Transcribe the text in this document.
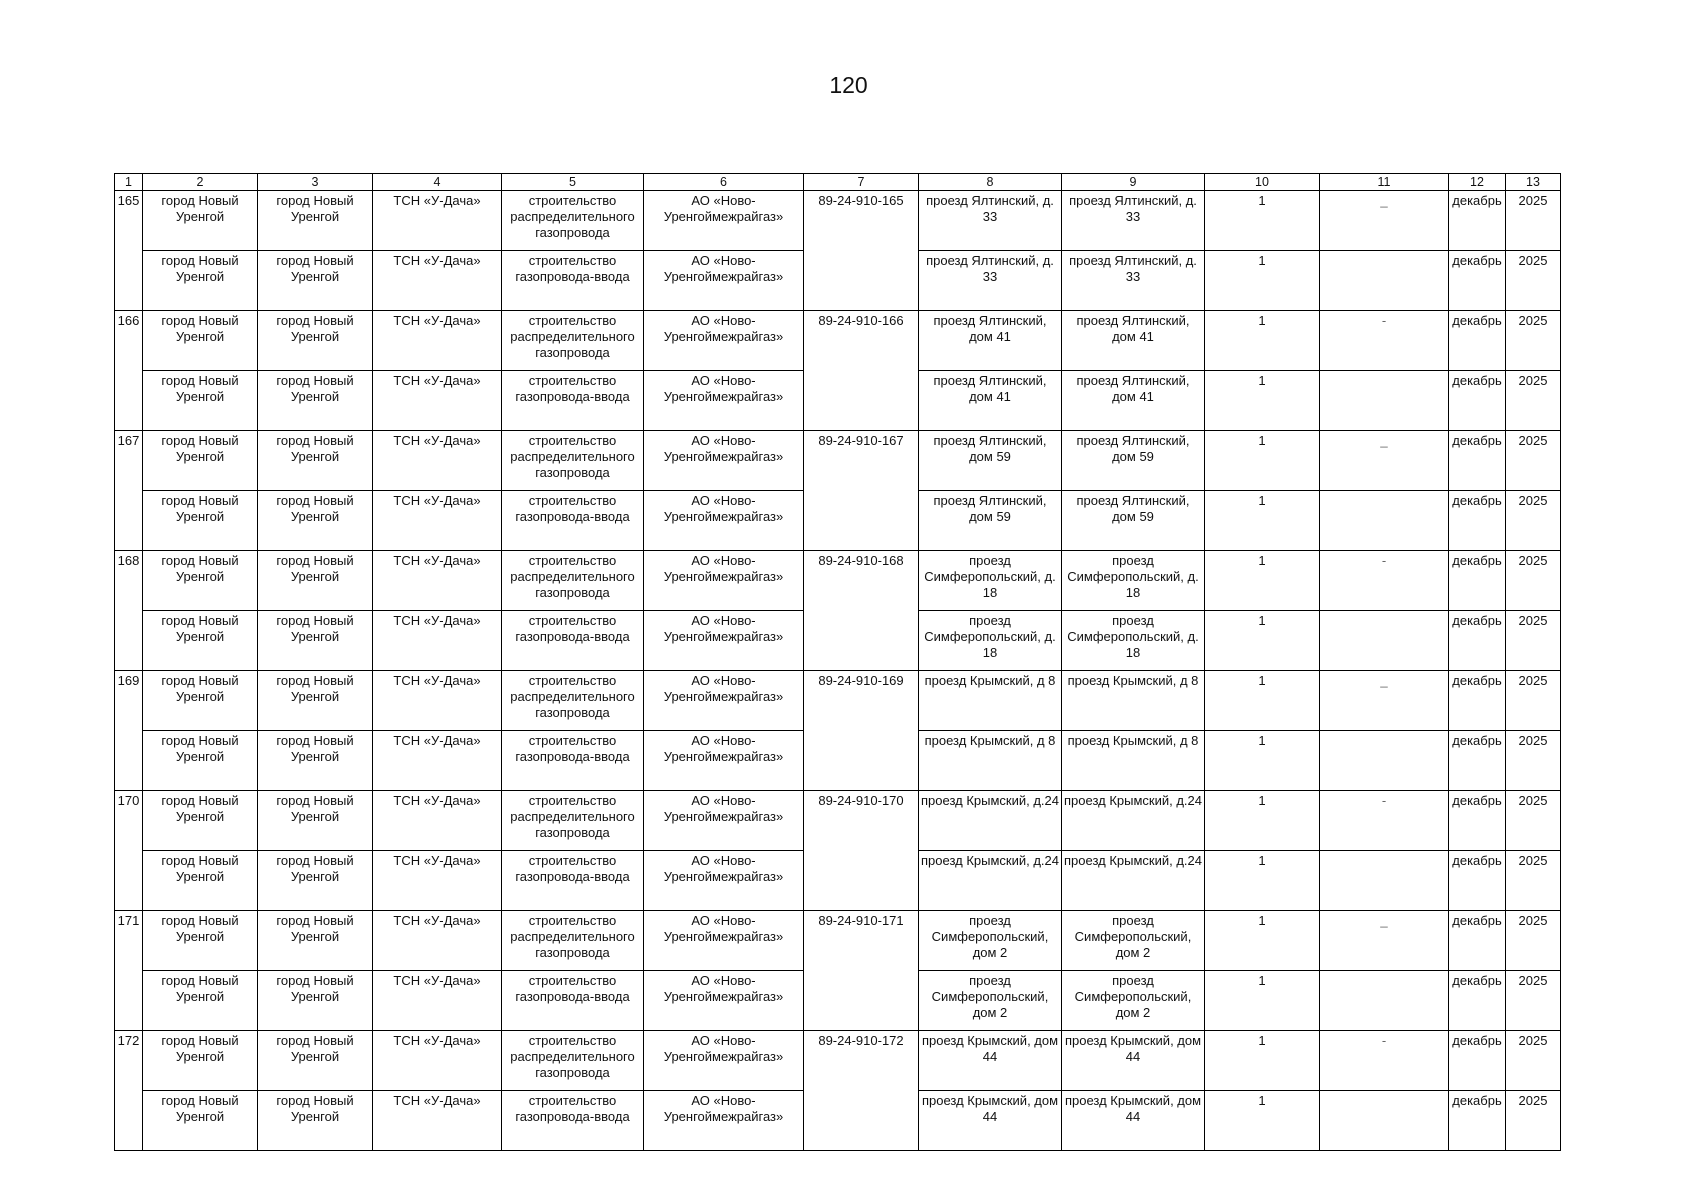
120
1	2	3	4	5	6	7	8	9	10	11	12	13
165	город Новый Уренгой	город Новый Уренгой	ТСН «У-Дача»	строительство распределительного газопровода	АО «Ново-Уренгоймежрайгаз»	89-24-910-165	проезд Ялтинский, д. 33	проезд Ялтинский, д. 33	1	_	декабрь	2025
	город Новый Уренгой	город Новый Уренгой	ТСН «У-Дача»	строительство газопровода-ввода	АО «Ново-Уренгоймежрайгаз»		проезд Ялтинский, д. 33	проезд Ялтинский, д. 33	1		декабрь	2025
166	город Новый Уренгой	город Новый Уренгой	ТСН «У-Дача»	строительство распределительного газопровода	АО «Ново-Уренгоймежрайгаз»	89-24-910-166	проезд Ялтинский, дом 41	проезд Ялтинский, дом 41	1	-	декабрь	2025
	город Новый Уренгой	город Новый Уренгой	ТСН «У-Дача»	строительство газопровода-ввода	АО «Ново-Уренгоймежрайгаз»		проезд Ялтинский, дом 41	проезд Ялтинский, дом 41	1		декабрь	2025
167	город Новый Уренгой	город Новый Уренгой	ТСН «У-Дача»	строительство распределительного газопровода	АО «Ново-Уренгоймежрайгаз»	89-24-910-167	проезд Ялтинский, дом 59	проезд Ялтинский, дом 59	1	_	декабрь	2025
	город Новый Уренгой	город Новый Уренгой	ТСН «У-Дача»	строительство газопровода-ввода	АО «Ново-Уренгоймежрайгаз»		проезд Ялтинский, дом 59	проезд Ялтинский, дом 59	1		декабрь	2025
168	город Новый Уренгой	город Новый Уренгой	ТСН «У-Дача»	строительство распределительного газопровода	АО «Ново-Уренгоймежрайгаз»	89-24-910-168	проезд Симферопольский, д. 18	проезд Симферопольский, д. 18	1	-	декабрь	2025
	город Новый Уренгой	город Новый Уренгой	ТСН «У-Дача»	строительство газопровода-ввода	АО «Ново-Уренгоймежрайгаз»		проезд Симферопольский, д. 18	проезд Симферопольский, д. 18	1		декабрь	2025
169	город Новый Уренгой	город Новый Уренгой	ТСН «У-Дача»	строительство распределительного газопровода	АО «Ново-Уренгоймежрайгаз»	89-24-910-169	проезд Крымский, д 8	проезд Крымский, д 8	1	_	декабрь	2025
	город Новый Уренгой	город Новый Уренгой	ТСН «У-Дача»	строительство газопровода-ввода	АО «Ново-Уренгоймежрайгаз»		проезд Крымский, д 8	проезд Крымский, д 8	1		декабрь	2025
170	город Новый Уренгой	город Новый Уренгой	ТСН «У-Дача»	строительство распределительного газопровода	АО «Ново-Уренгоймежрайгаз»	89-24-910-170	проезд Крымский, д.24	проезд Крымский, д.24	1	-	декабрь	2025
	город Новый Уренгой	город Новый Уренгой	ТСН «У-Дача»	строительство газопровода-ввода	АО «Ново-Уренгоймежрайгаз»		проезд Крымский, д.24	проезд Крымский, д.24	1		декабрь	2025
171	город Новый Уренгой	город Новый Уренгой	ТСН «У-Дача»	строительство распределительного газопровода	АО «Ново-Уренгоймежрайгаз»	89-24-910-171	проезд Симферопольский, дом 2	проезд Симферопольский, дом 2	1	_	декабрь	2025
	город Новый Уренгой	город Новый Уренгой	ТСН «У-Дача»	строительство газопровода-ввода	АО «Ново-Уренгоймежрайгаз»		проезд Симферопольский, дом 2	проезд Симферопольский, дом 2	1		декабрь	2025
172	город Новый Уренгой	город Новый Уренгой	ТСН «У-Дача»	строительство распределительного газопровода	АО «Ново-Уренгоймежрайгаз»	89-24-910-172	проезд Крымский, дом 44	проезд Крымский, дом 44	1	-	декабрь	2025
	город Новый Уренгой	город Новый Уренгой	ТСН «У-Дача»	строительство газопровода-ввода	АО «Ново-Уренгоймежрайгаз»		проезд Крымский, дом 44	проезд Крымский, дом 44	1		декабрь	2025
